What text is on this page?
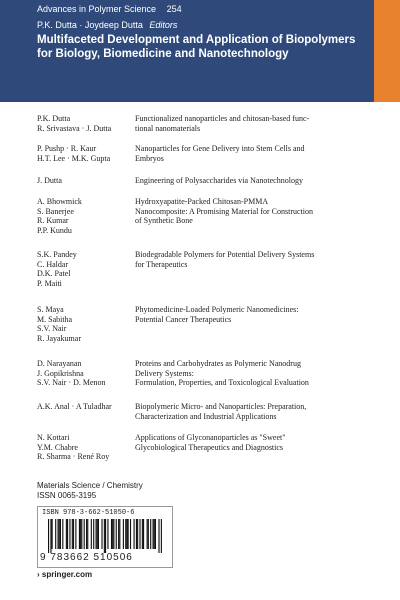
Advances in Polymer Science 254
P.K. Dutta · Joydeep Dutta Editors
Multifaceted Development and Application of Biopolymers
for Biology, Biomedicine and Nanotechnology
P.K. Dutta
R. Srivastava · J. Dutta
Functionalized nanoparticles and chitosan-based func-
tional nanomaterials
P. Pushp · R. Kaur
H.T. Lee · M.K. Gupta
Nanoparticles for Gene Delivery into Stem Cells and
Embryos
J. Dutta	Engineering of Polysaccharides via Nanotechnology
A. Bhowmick
S. Banerjee
R. Kumar
P.P. Kundu
Hydroxyapatite-Packed Chitosan-PMMA
Nanocomposite: A Promising Material for Construction
of Synthetic Bone
S.K. Pandey
C. Haldar
D.K. Patel
P. Maiti
Biodegradable Polymers for Potential Delivery Systems
for Therapeutics
S. Maya
M. Sabitha
S.V. Nair
R. Jayakumar
Phytomedicine-Loaded Polymeric Nanomedicines:
Potential Cancer Therapeutics
D. Narayanan
J. Gopikrishna
S.V. Nair · D. Menon
Proteins and Carbohydrates as Polymeric Nanodrug
Delivery Systems:
Formulation, Properties, and Toxicological Evaluation
A.K. Anal · A Tuladhar	Biopolymeric Micro- and Nanoparticles: Preparation,
Characterization and Industrial Applications
N. Kottari
Y.M. Chabre
R. Sharma · René Roy
Applications of Glyconanoparticles as "Sweet"
Glycobiological Therapeutics and Diagnostics
Materials Science / Chemistry
ISSN 0065-3195
ISBN 978-3-662-51050-6
9 783662 510506
› springer.com
